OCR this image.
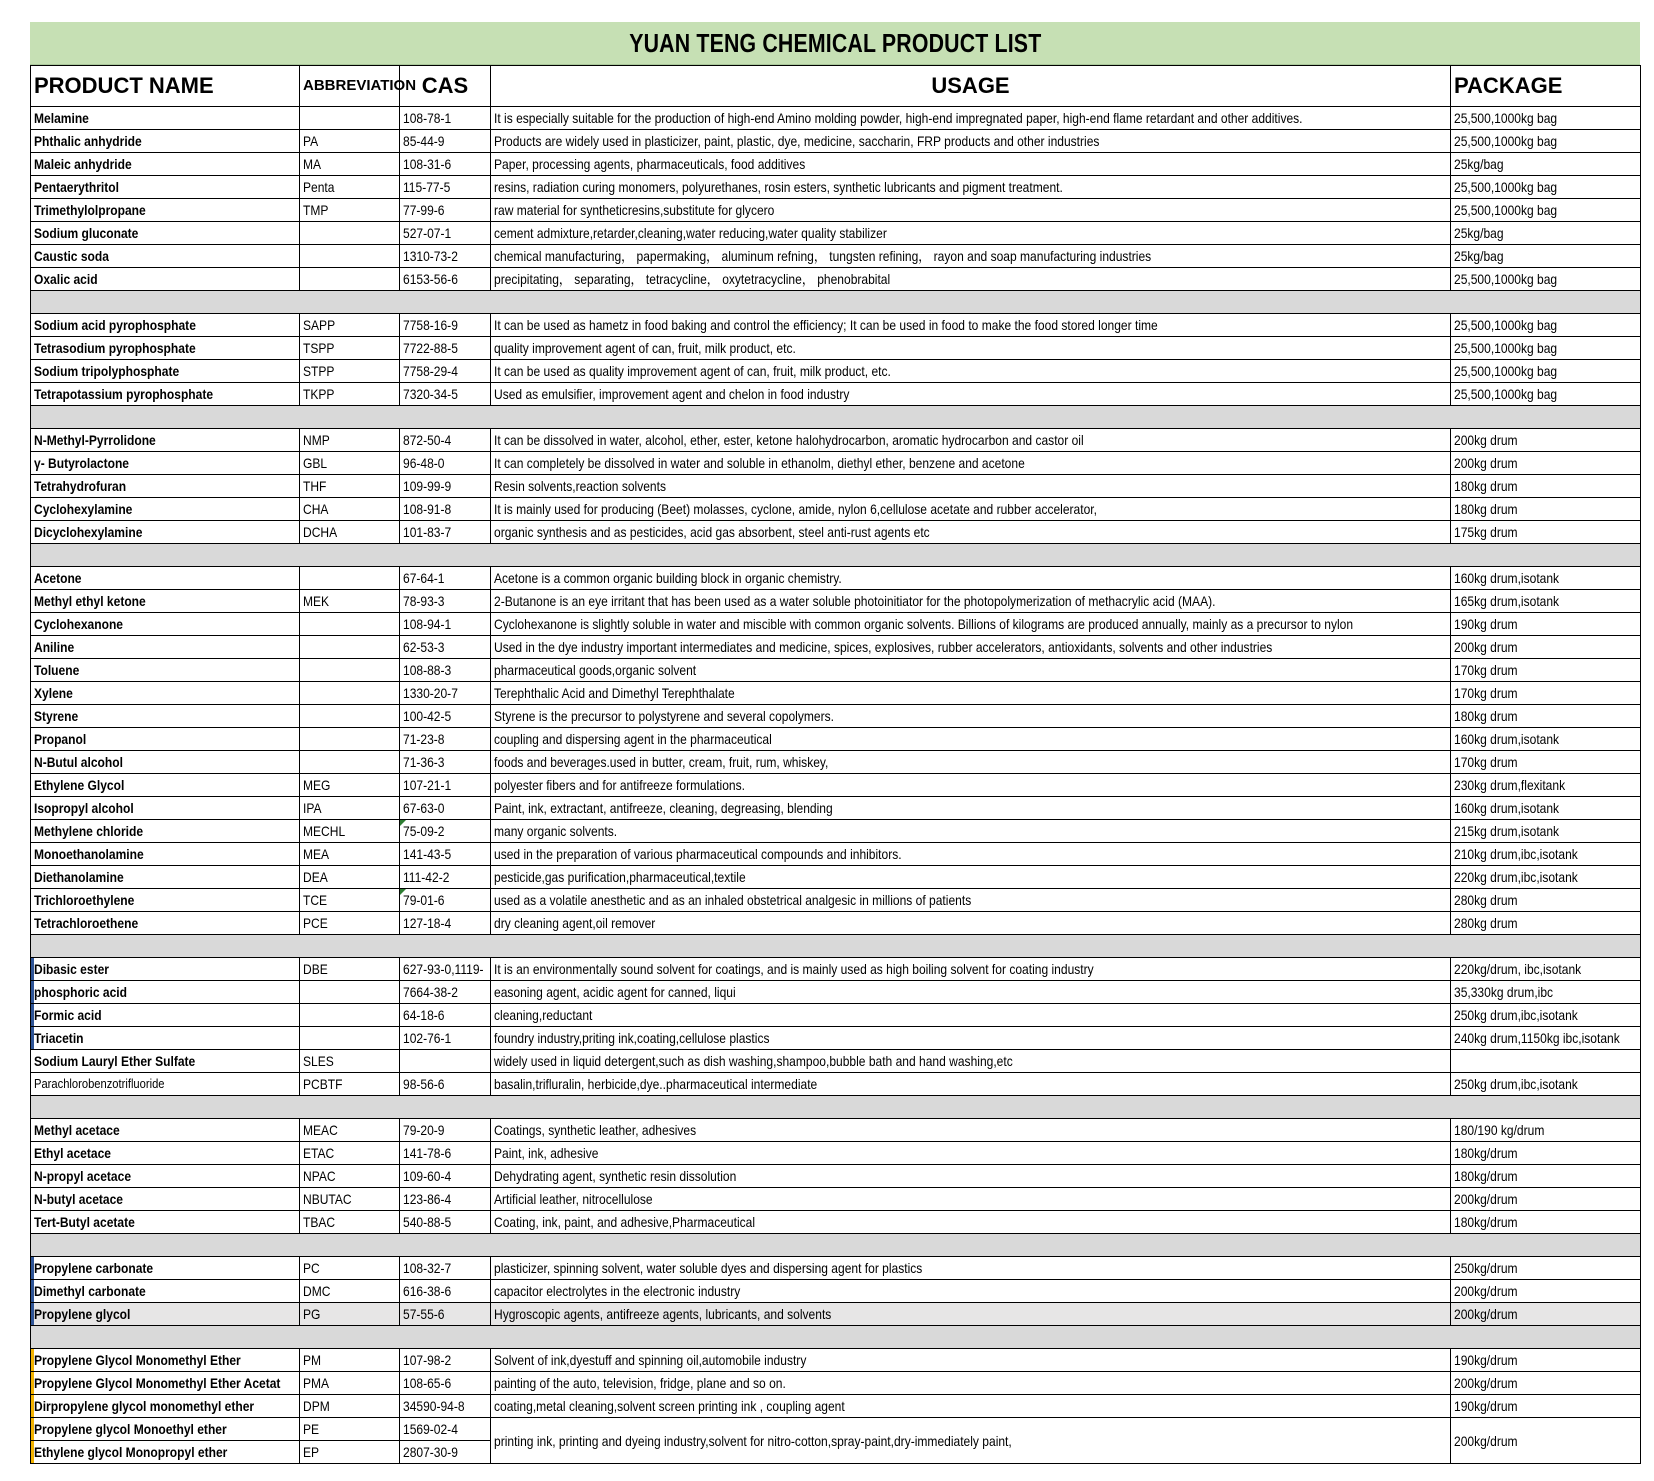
YUAN TENG CHEMICAL PRODUCT LIST
PRODUCT NAME	ABBREVIATION	CAS	USAGE	PACKAGE
Melamine		108-78-1	It is especially suitable for the production of high-end Amino molding powder, high-end impregnated paper, high-end flame retardant and other additives.	25,500,1000kg bag
Phthalic anhydride	PA	85-44-9	Products are widely used in plasticizer, paint, plastic, dye, medicine, saccharin, FRP products and other industries	25,500,1000kg bag
Maleic anhydride	MA	108-31-6	Paper, processing agents, pharmaceuticals, food additives	25kg/bag
Pentaerythritol	Penta	115-77-5	resins, radiation curing monomers, polyurethanes, rosin esters, synthetic lubricants and pigment treatment.	25,500,1000kg bag
Trimethylolpropane	TMP	77-99-6	raw material for syntheticresins,substitute for glycero	25,500,1000kg bag
Sodium gluconate		527-07-1	cement admixture,retarder,cleaning,water reducing,water quality stabilizer	25kg/bag
Caustic soda		1310-73-2	chemical manufacturing， papermaking， aluminum refning， tungsten refining， rayon and soap manufacturing industries	25kg/bag
Oxalic acid		6153-56-6	precipitating， separating， tetracycline， oxytetracycline， phenobrabital	25,500,1000kg bag

Sodium acid pyrophosphate	SAPP	7758-16-9	It can be used as hametz in food baking and control the efficiency; It can be used in food to make the food stored longer time	25,500,1000kg bag
Tetrasodium pyrophosphate	TSPP	7722-88-5	quality improvement agent of can, fruit, milk product, etc.	25,500,1000kg bag
Sodium tripolyphosphate	STPP	7758-29-4	It can be used as quality improvement agent of can, fruit, milk product, etc.	25,500,1000kg bag
Tetrapotassium pyrophosphate	TKPP	7320-34-5	Used as emulsifier, improvement agent and chelon in food industry	25,500,1000kg bag

N-Methyl-Pyrrolidone	NMP	872-50-4	It can be dissolved in water, alcohol, ether, ester, ketone halohydrocarbon, aromatic hydrocarbon and castor oil	200kg drum
γ- Butyrolactone	GBL	96-48-0	It can completely be dissolved in water and soluble in ethanolm, diethyl ether, benzene and acetone	200kg drum
Tetrahydrofuran	THF	109-99-9	Resin solvents,reaction solvents	180kg drum
Cyclohexylamine	CHA	108-91-8	It is mainly used for producing (Beet) molasses, cyclone, amide, nylon 6,cellulose acetate and rubber accelerator,	180kg drum
Dicyclohexylamine	DCHA	101-83-7	organic synthesis and as pesticides, acid gas absorbent, steel anti-rust agents etc	175kg drum

Acetone		67-64-1	Acetone is a common organic building block in organic chemistry.	160kg drum,isotank
Methyl ethyl ketone	MEK	78-93-3	2-Butanone is an eye irritant that has been used as a water soluble photoinitiator for the photopolymerization of methacrylic acid (MAA).	165kg drum,isotank
Cyclohexanone		108-94-1	Cyclohexanone is slightly soluble in water and miscible with common organic solvents. Billions of kilograms are produced annually, mainly as a precursor to nylon	190kg drum
Aniline		62-53-3	Used in the dye industry important intermediates and medicine, spices, explosives, rubber accelerators, antioxidants, solvents and other industries	200kg drum
Toluene		108-88-3	pharmaceutical goods,organic solvent	170kg drum
Xylene		1330-20-7	Terephthalic Acid and Dimethyl Terephthalate	170kg drum
Styrene		100-42-5	Styrene is the precursor to polystyrene and several copolymers.	180kg drum
Propanol		71-23-8	coupling and dispersing agent in the pharmaceutical	160kg drum,isotank
N-Butul alcohol		71-36-3	foods and beverages.used in butter, cream, fruit, rum, whiskey,	170kg drum
Ethylene Glycol	MEG	107-21-1	polyester fibers and for antifreeze formulations.	230kg drum,flexitank
Isopropyl alcohol	IPA	67-63-0	Paint, ink, extractant, antifreeze, cleaning, degreasing, blending	160kg drum,isotank
Methylene chloride	MECHL	75-09-2	many organic solvents.	215kg drum,isotank
Monoethanolamine	MEA	141-43-5	used in the preparation of various pharmaceutical compounds and inhibitors.	210kg drum,ibc,isotank
Diethanolamine	DEA	111-42-2	pesticide,gas purification,pharmaceutical,textile	220kg drum,ibc,isotank
Trichloroethylene	TCE	79-01-6	used as a volatile anesthetic and as an inhaled obstetrical analgesic in millions of patients	280kg drum
Tetrachloroethene	PCE	127-18-4	dry cleaning agent,oil remover	280kg drum

Dibasic ester	DBE	627-93-0,1119-	It is an environmentally sound solvent for coatings, and is mainly used as high boiling solvent for coating industry	220kg/drum, ibc,isotank
phosphoric acid		7664-38-2	easoning agent, acidic agent for canned, liqui	35,330kg drum,ibc
Formic acid		64-18-6	cleaning,reductant	250kg drum,ibc,isotank
Triacetin		102-76-1	foundry industry,priting ink,coating,cellulose plastics	240kg drum,1150kg ibc,isotank
Sodium Lauryl Ether Sulfate	SLES		widely used in liquid detergent,such as dish washing,shampoo,bubble bath and hand washing,etc	
Parachlorobenzotrifluoride	PCBTF	98-56-6	basalin,trifluralin, herbicide,dye..pharmaceutical intermediate	250kg drum,ibc,isotank

Methyl acetace	MEAC	79-20-9	Coatings, synthetic leather, adhesives	180/190 kg/drum
Ethyl acetace	ETAC	141-78-6	Paint, ink, adhesive	180kg/drum
N-propyl acetace	NPAC	109-60-4	Dehydrating agent, synthetic resin dissolution	180kg/drum
N-butyl acetace	NBUTAC	123-86-4	Artificial leather, nitrocellulose	200kg/drum
Tert-Butyl acetate	TBAC	540-88-5	Coating, ink, paint, and adhesive,Pharmaceutical	180kg/drum

Propylene carbonate	PC	108-32-7	plasticizer, spinning solvent, water soluble dyes and dispersing agent for plastics	250kg/drum
Dimethyl carbonate	DMC	616-38-6	capacitor electrolytes in the electronic industry	200kg/drum
Propylene glycol	PG	57-55-6	Hygroscopic agents, antifreeze agents, lubricants, and solvents	200kg/drum

Propylene Glycol Monomethyl Ether	PM	107-98-2	Solvent of ink,dyestuff and spinning oil,automobile industry	190kg/drum
Propylene Glycol Monomethyl Ether Acetat	PMA	108-65-6	painting of the auto, television, fridge, plane and so on.	200kg/drum
Dirpropylene glycol monomethyl ether	DPM	34590-94-8	coating,metal cleaning,solvent screen printing ink , coupling agent	190kg/drum
Propylene glycol Monoethyl ether	PE	1569-02-4	printing ink, printing and dyeing industry,solvent for nitro-cotton,spray-paint,dry-immediately paint,	200kg/drum
Ethylene glycol Monopropyl ether	EP	2807-30-9		
